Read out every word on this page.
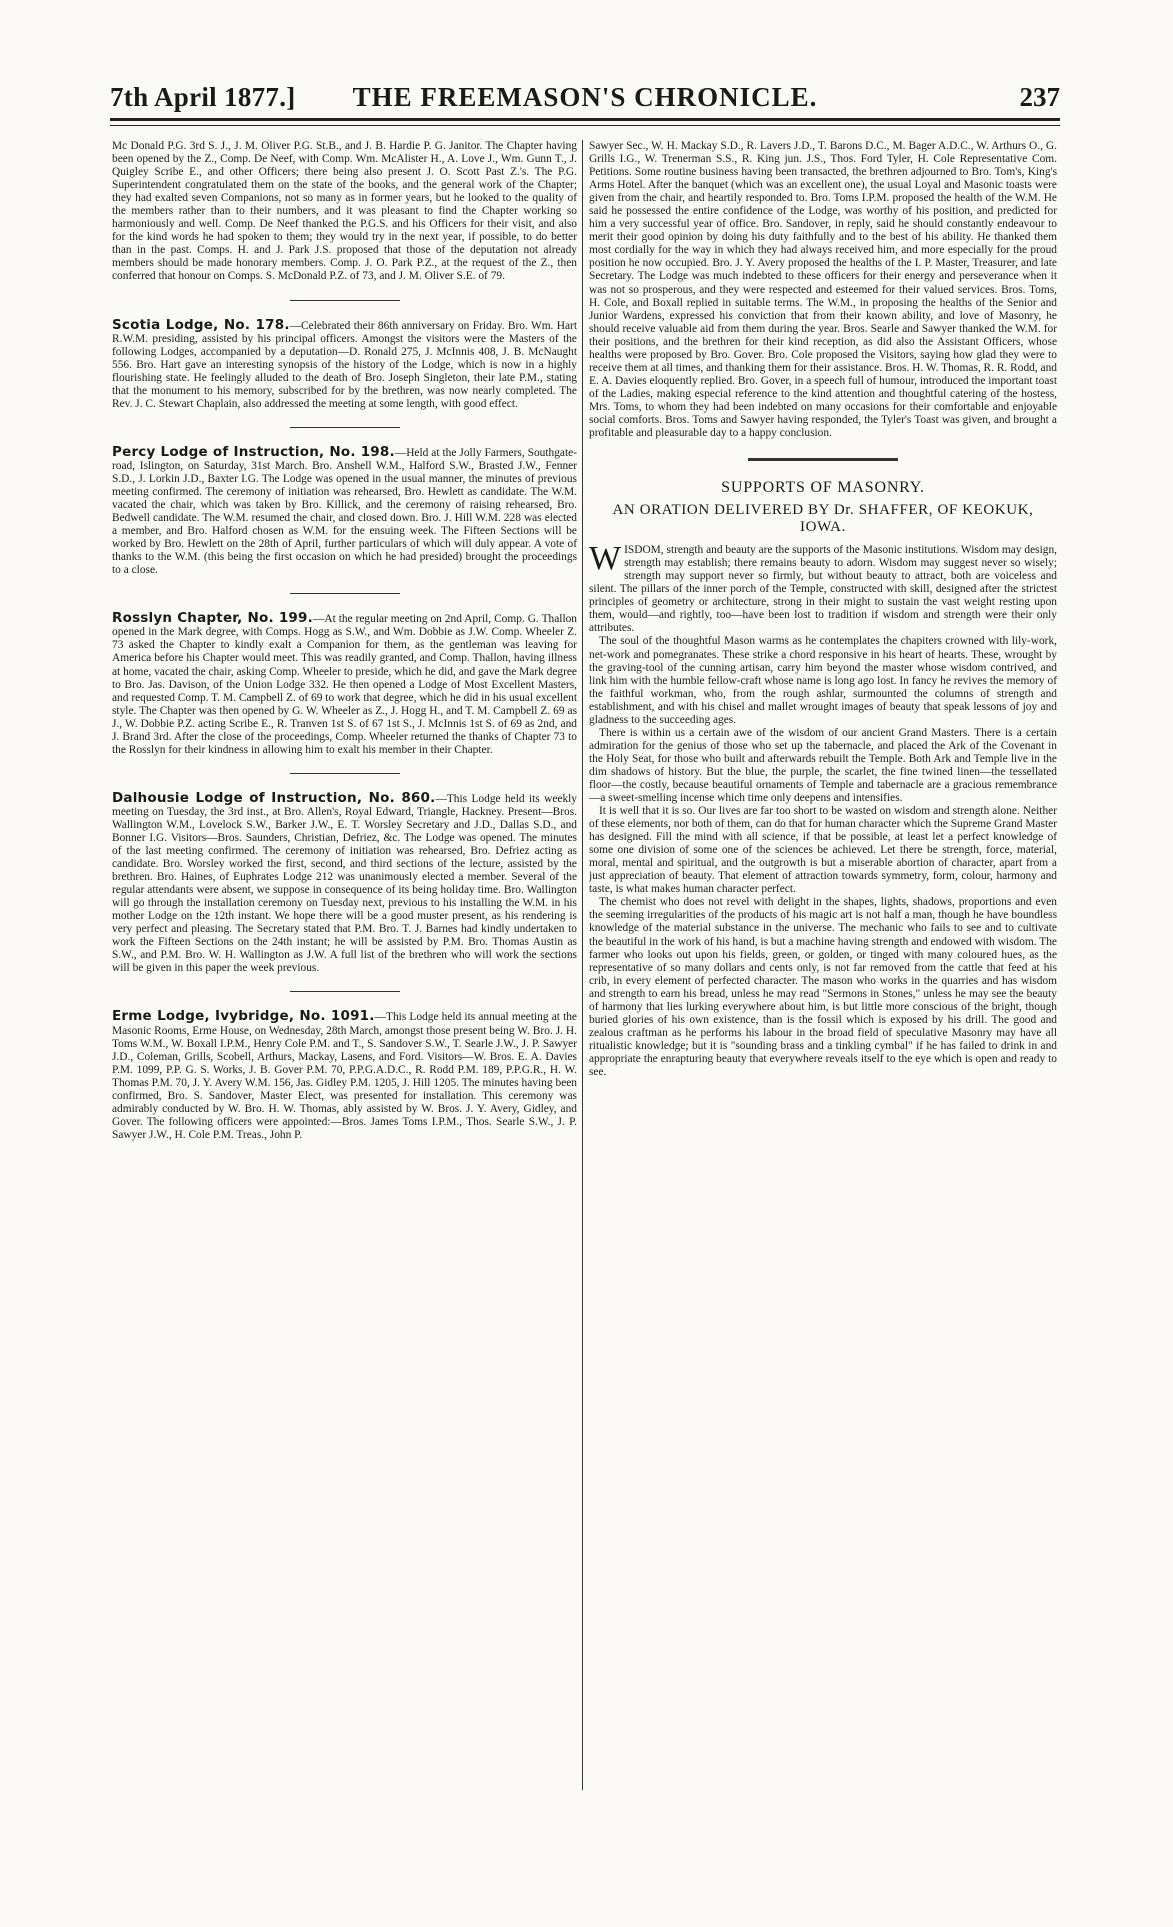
7th April 1877.]	THE FREEMASON'S CHRONICLE.	237

Mc Donald P.G. 3rd S. J., J. M. Oliver P.G. St.B., and J. B. Hardie P. G. Janitor. The Chapter having been opened by the Z., Comp. De Neef, with Comp. Wm. McAlister H., A. Love J., Wm. Gunn T., J. Quigley Scribe E., and other Officers; there being also present J. O. Scott Past Z.'s. The P.G. Superintendent congratulated them on the state of the books, and the general work of the Chapter; they had exalted seven Companions, not so many as in former years, but he looked to the quality of the members rather than to their numbers, and it was pleasant to find the Chapter working so harmoniously and well. Comp. De Neef thanked the P.G.S. and his Officers for their visit, and also for the kind words he had spoken to them; they would try in the next year, if possible, to do better than in the past. Comps. H. and J. Park J.S. proposed that those of the deputation not already members should be made honorary members. Comp. J. O. Park P.Z., at the request of the Z., then conferred that honour on Comps. S. McDonald P.Z. of 73, and J. M. Oliver S.E. of 79.

Scotia Lodge, No. 178.—Celebrated their 86th anniversary on Friday. Bro. Wm. Hart R.W.M. presiding, assisted by his principal officers. Amongst the visitors were the Masters of the following Lodges, accompanied by a deputation—D. Ronald 275, J. McInnis 408, J. B. McNaught 556. Bro. Hart gave an interesting synopsis of the history of the Lodge, which is now in a highly flourishing state. He feelingly alluded to the death of Bro. Joseph Singleton, their late P.M., stating that the monument to his memory, subscribed for by the brethren, was now nearly completed. The Rev. J. C. Stewart Chaplain, also addressed the meeting at some length, with good effect.

Percy Lodge of Instruction, No. 198.—Held at the Jolly Farmers, Southgate-road, Islington, on Saturday, 31st March. Bro. Anshell W.M., Halford S.W., Brasted J.W., Fenner S.D., J. Lorkin J.D., Baxter I.G. The Lodge was opened in the usual manner, the minutes of previous meeting confirmed. The ceremony of initiation was rehearsed, Bro. Hewlett as candidate. The W.M. vacated the chair, which was taken by Bro. Killick, and the ceremony of raising rehearsed, Bro. Bedwell candidate. The W.M. resumed the chair, and closed down. Bro. J. Hill W.M. 228 was elected a member, and Bro. Halford chosen as W.M. for the ensuing week. The Fifteen Sections will be worked by Bro. Hewlett on the 28th of April, further particulars of which will duly appear. A vote of thanks to the W.M. (this being the first occasion on which he had presided) brought the proceedings to a close.

Rosslyn Chapter, No. 199.—At the regular meeting on 2nd April, Comp. G. Thallon opened in the Mark degree, with Comps. Hogg as S.W., and Wm. Dobbie as J.W. Comp. Wheeler Z. 73 asked the Chapter to kindly exalt a Companion for them, as the gentleman was leaving for America before his Chapter would meet. This was readily granted, and Comp. Thallon, having illness at home, vacated the chair, asking Comp. Wheeler to preside, which he did, and gave the Mark degree to Bro. Jas. Davison, of the Union Lodge 332. He then opened a Lodge of Most Excellent Masters, and requested Comp. T. M. Campbell Z. of 69 to work that degree, which he did in his usual excellent style. The Chapter was then opened by G. W. Wheeler as Z., J. Hogg H., and T. M. Campbell Z. 69 as J., W. Dobbie P.Z. acting Scribe E., R. Tranven 1st S. of 67 1st S., J. McInnis 1st S. of 69 as 2nd, and J. Brand 3rd. After the close of the proceedings, Comp. Wheeler returned the thanks of Chapter 73 to the Rosslyn for their kindness in allowing him to exalt his member in their Chapter.

Dalhousie Lodge of Instruction, No. 860.—This Lodge held its weekly meeting on Tuesday, the 3rd inst., at Bro. Allen's, Royal Edward, Triangle, Hackney. Present—Bros. Wallington W.M., Lovelock S.W., Barker J.W., E. T. Worsley Secretary and J.D., Dallas S.D., and Bonner I.G. Visitors—Bros. Saunders, Christian, Defriez, &c. The Lodge was opened. The minutes of the last meeting confirmed. The ceremony of initiation was rehearsed, Bro. Defriez acting as candidate. Bro. Worsley worked the first, second, and third sections of the lecture, assisted by the brethren. Bro. Haines, of Euphrates Lodge 212 was unanimously elected a member. Several of the regular attendants were absent, we suppose in consequence of its being holiday time. Bro. Wallington will go through the installation ceremony on Tuesday next, previous to his installing the W.M. in his mother Lodge on the 12th instant. We hope there will be a good muster present, as his rendering is very perfect and pleasing. The Secretary stated that P.M. Bro. T. J. Barnes had kindly undertaken to work the Fifteen Sections on the 24th instant; he will be assisted by P.M. Bro. Thomas Austin as S.W., and P.M. Bro. W. H. Wallington as J.W. A full list of the brethren who will work the sections will be given in this paper the week previous.

Erme Lodge, Ivybridge, No. 1091.—This Lodge held its annual meeting at the Masonic Rooms, Erme House, on Wednesday, 28th March, amongst those present being W. Bro. J. H. Toms W.M., W. Boxall I.P.M., Henry Cole P.M. and T., S. Sandover S.W., T. Searle J.W., J. P. Sawyer J.D., Coleman, Grills, Scobell, Arthurs, Mackay, Lasens, and Ford. Visitors—W. Bros. E. A. Davies P.M. 1099, P.P. G. S. Works, J. B. Gover P.M. 70, P.P.G.A.D.C., R. Rodd P.M. 189, P.P.G.R., H. W. Thomas P.M. 70, J. Y. Avery W.M. 156, Jas. Gidley P.M. 1205, J. Hill 1205. The minutes having been confirmed, Bro. S. Sandover, Master Elect, was presented for installation. This ceremony was admirably conducted by W. Bro. H. W. Thomas, ably assisted by W. Bros. J. Y. Avery, Gidley, and Gover. The following officers were appointed:—Bros. James Toms I.P.M., Thos. Searle S.W., J. P. Sawyer J.W., H. Cole P.M. Treas., John P.

Sawyer Sec., W. H. Mackay S.D., R. Lavers J.D., T. Barons D.C., M. Bager A.D.C., W. Arthurs O., G. Grills I.G., W. Trenerman S.S., R. King jun. J.S., Thos. Ford Tyler, H. Cole Representative Com. Petitions. Some routine business having been transacted, the brethren adjourned to Bro. Tom's, King's Arms Hotel. After the banquet (which was an excellent one), the usual Loyal and Masonic toasts were given from the chair, and heartily responded to. Bro. Toms I.P.M. proposed the health of the W.M. He said he possessed the entire confidence of the Lodge, was worthy of his position, and predicted for him a very successful year of office. Bro. Sandover, in reply, said he should constantly endeavour to merit their good opinion by doing his duty faithfully and to the best of his ability. He thanked them most cordially for the way in which they had always received him, and more especially for the proud position he now occupied. Bro. J. Y. Avery proposed the healths of the I. P. Master, Treasurer, and late Secretary. The Lodge was much indebted to these officers for their energy and perseverance when it was not so prosperous, and they were respected and esteemed for their valued services. Bros. Toms, H. Cole, and Boxall replied in suitable terms. The W.M., in proposing the healths of the Senior and Junior Wardens, expressed his conviction that from their known ability, and love of Masonry, he should receive valuable aid from them during the year. Bros. Searle and Sawyer thanked the W.M. for their positions, and the brethren for their kind reception, as did also the Assistant Officers, whose healths were proposed by Bro. Gover. Bro. Cole proposed the Visitors, saying how glad they were to receive them at all times, and thanking them for their assistance. Bros. H. W. Thomas, R. R. Rodd, and E. A. Davies eloquently replied. Bro. Gover, in a speech full of humour, introduced the important toast of the Ladies, making especial reference to the kind attention and thoughtful catering of the hostess, Mrs. Toms, to whom they had been indebted on many occasions for their comfortable and enjoyable social comforts. Bros. Toms and Sawyer having responded, the Tyler's Toast was given, and brought a profitable and pleasurable day to a happy conclusion.

SUPPORTS OF MASONRY.
AN ORATION DELIVERED BY Dr. SHAFFER, OF KEOKUK, IOWA.

WISDOM, strength and beauty are the supports of the Masonic institutions. Wisdom may design, strength may establish; there remains beauty to adorn. Wisdom may suggest never so wisely; strength may support never so firmly, but without beauty to attract, both are voiceless and silent. The pillars of the inner porch of the Temple, constructed with skill, designed after the strictest principles of geometry or architecture, strong in their might to sustain the vast weight resting upon them, would—and rightly, too—have been lost to tradition if wisdom and strength were their only attributes.

The soul of the thoughtful Mason warms as he contemplates the chapiters crowned with lily-work, net-work and pomegranates. These strike a chord responsive in his heart of hearts. These, wrought by the graving-tool of the cunning artisan, carry him beyond the master whose wisdom contrived, and link him with the humble fellow-craft whose name is long ago lost. In fancy he revives the memory of the faithful workman, who, from the rough ashlar, surmounted the columns of strength and establishment, and with his chisel and mallet wrought images of beauty that speak lessons of joy and gladness to the succeeding ages.

There is within us a certain awe of the wisdom of our ancient Grand Masters. There is a certain admiration for the genius of those who set up the tabernacle, and placed the Ark of the Covenant in the Holy Seat, for those who built and afterwards rebuilt the Temple. Both Ark and Temple live in the dim shadows of history. But the blue, the purple, the scarlet, the fine twined linen—the tessellated floor—the costly, because beautiful ornaments of Temple and tabernacle are a gracious remembrance—a sweet-smelling incense which time only deepens and intensifies.

It is well that it is so. Our lives are far too short to be wasted on wisdom and strength alone. Neither of these elements, nor both of them, can do that for human character which the Supreme Grand Master has designed. Fill the mind with all science, if that be possible, at least let a perfect knowledge of some one division of some one of the sciences be achieved. Let there be strength, force, material, moral, mental and spiritual, and the outgrowth is but a miserable abortion of character, apart from a just appreciation of beauty. That element of attraction towards symmetry, form, colour, harmony and taste, is what makes human character perfect.

The chemist who does not revel with delight in the shapes, lights, shadows, proportions and even the seeming irregularities of the products of his magic art is not half a man, though he have boundless knowledge of the material substance in the universe. The mechanic who fails to see and to cultivate the beautiful in the work of his hand, is but a machine having strength and endowed with wisdom. The farmer who looks out upon his fields, green, or golden, or tinged with many coloured hues, as the representative of so many dollars and cents only, is not far removed from the cattle that feed at his crib, in every element of perfected character. The mason who works in the quarries and has wisdom and strength to earn his bread, unless he may read "Sermons in Stones," unless he may see the beauty of harmony that lies lurking everywhere about him, is but little more conscious of the bright, though buried glories of his own existence, than is the fossil which is exposed by his drill. The good and zealous craftman as he performs his labour in the broad field of speculative Masonry may have all ritualistic knowledge; but it is "sounding brass and a tinkling cymbal" if he has failed to drink in and appropriate the enrapturing beauty that everywhere reveals itself to the eye which is open and ready to see.
